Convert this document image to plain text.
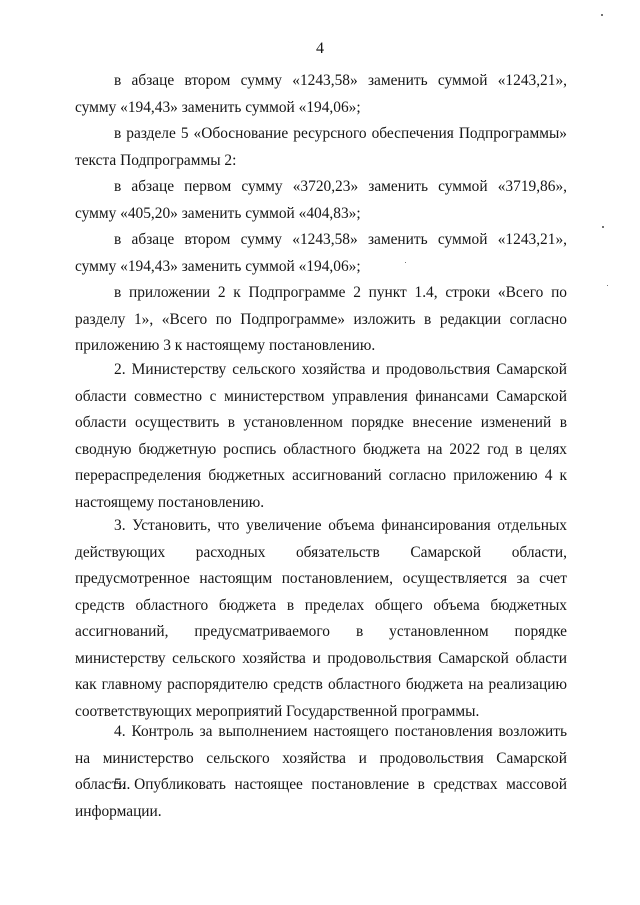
4

в абзаце втором сумму «1243,58» заменить суммой «1243,21», сумму «194,43» заменить суммой «194,06»;

в разделе 5 «Обоснование ресурсного обеспечения Подпрограммы» текста Подпрограммы 2:

в абзаце первом сумму «3720,23» заменить суммой «3719,86», сумму «405,20» заменить суммой «404,83»;

в абзаце втором сумму «1243,58» заменить суммой «1243,21», сумму «194,43» заменить суммой «194,06»;

в приложении 2 к Подпрограмме 2 пункт 1.4, строки «Всего по разделу 1», «Всего по Подпрограмме» изложить в редакции согласно приложению 3 к настоящему постановлению.

2. Министерству сельского хозяйства и продовольствия Самарской области совместно с министерством управления финансами Самарской области осуществить в установленном порядке внесение изменений в сводную бюджетную роспись областного бюджета на 2022 год в целях перераспределения бюджетных ассигнований согласно приложению 4 к настоящему постановлению.

3. Установить, что увеличение объема финансирования отдельных действующих расходных обязательств Самарской области, предусмотренное настоящим постановлением, осуществляется за счет средств областного бюджета в пределах общего объема бюджетных ассигнований, предусматриваемого в установленном порядке министерству сельского хозяйства и продовольствия Самарской области как главному распорядителю средств областного бюджета на реализацию соответствующих мероприятий Государственной программы.

4. Контроль за выполнением настоящего постановления возложить на министерство сельского хозяйства и продовольствия Самарской области.

5. Опубликовать настоящее постановление в средствах массовой информации.
